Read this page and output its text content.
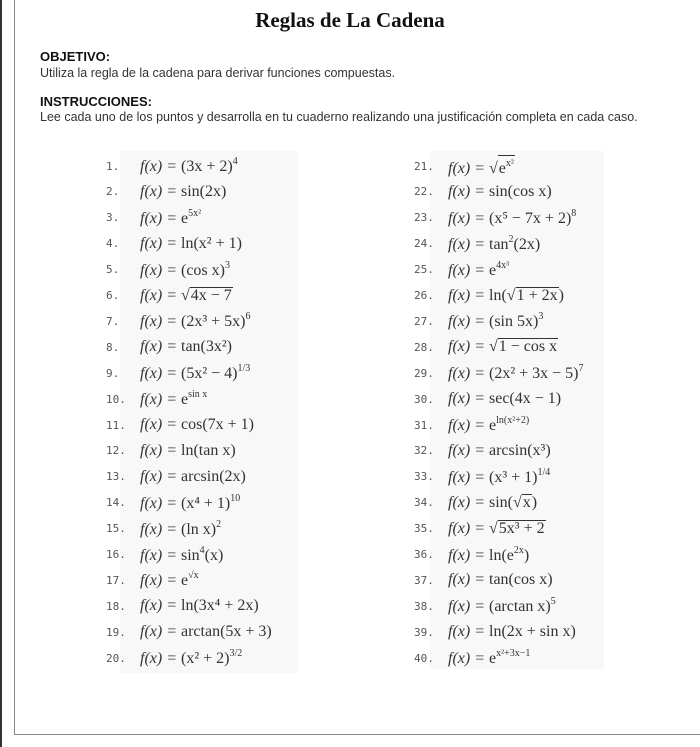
Reglas de La Cadena
OBJETIVO:
Utiliza la regla de la cadena para derivar funciones compuestas.
INSTRUCCIONES:
Lee cada uno de los puntos y desarrolla en tu cuaderno realizando una justificación completa en cada caso.
1.	$f(x) = (3x + 2)^4$
2.	f(x) = sin(2x)
3.	$f(x) = e^{5x^2}$
4.	f(x) = ln(x² + 1)
5.	f(x) = (cos x)$^3$
6.	f(x) = √4x − 7
7.	$f(x) = (2x^3 + 5x)^6$
8.	f(x) = tan(3x²)
9.	$f(x) = (5x^2 - 4)^{1/3}$
10. $f(x) = e^{sin x}$
11. f(x) = cos(7x + 1)
12. f(x) = ln(tan x)
13. f(x) = arcsin(2x)
14. $f(x) = (x^4 + 1)^{10}$
15. f(x) = (ln x)$^2$
16. $f(x) = \sin^4(x)$
17. $f(x) = e^{√x}$
18. f(x) = ln(3x⁴ + 2x)
19. f(x) = arctan(5x + 3)
20. $f(x) = (x^2 + 2)^{3/2}$
21. $f(x) = √e^{x^2}$
22. f(x) = sin(cos x)
23. $f(x) = (x^5 - 7x + 2)^8$
24. $f(x) = \tan^2(2x)$
25. $f(x) = e^{4x^3}$
26. f(x) = ln(√1 + 2x)
27. f(x) = (sin 5x)$^3$
28. f(x) = √1 − cos x
29. $f(x) = (2x^2 + 3x - 5)^7$
30. f(x) = sec(4x − 1)
31. $f(x) = e^{ln(x^2+2)}$
32. f(x) = arcsin(x³)
33. $f(x) = (x^3 + 1)^{1/4}$
34. f(x) = sin(√x)
35. f(x) = √5x³ + 2
36. $f(x) = \ln(e^{2x})$
37. f(x) = tan(cos x)
38. f(x) = (arctan x)$^5$
39. f(x) = ln(2x + sin x)
40. $f(x) = e^{x^2+3x-1}$
